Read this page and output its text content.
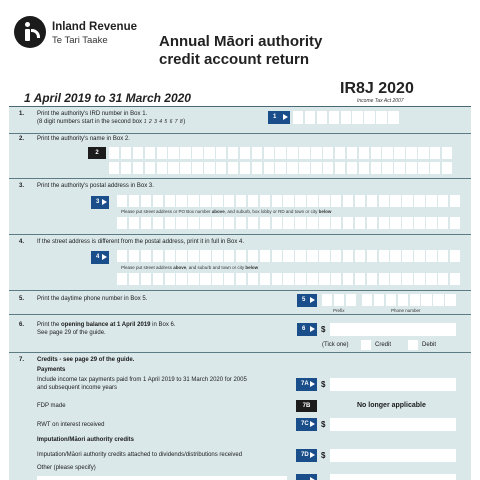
Inland Revenue
Te Tari Taake	Annual Māori authority
credit account return
1 April 2019 to 31 March 2020
IR8J 2020
Income Tax Act 2007
1. Print the authority's IRD number in Box 1.
(8 digit numbers start in the second box 1 2 3 4 5 6 7 8)
1
2. Print the authority's name in Box 2.
2
3. Print the authority's postal address in Box 3.
3
Please put street address or PO Box number above, and suburb, box lobby or RD and town or city below
4. If the street address is different from the postal address, print it in full in Box 4.
4
Please put street address above, and suburb and town or city below
5. Print the daytime phone number in Box 5.	5
Prefix	Phone number
6. Print the opening balance at 1 April 2019 in Box 6.
See page 29 of the guide.
6	$
(Tick one)	Credit	Debit
7. Credits - see page 29 of the guide.
Payments
Include income tax payments paid from 1 April 2019 to 31 March 2020 for 2005
and subsequent income years
7A	$
FDP made	7B	No longer applicable
RWT on interest received	7C	$
Imputation/Māori authority credits
Imputation/Māori authority credits attached to dividends/distributions received	7D	$
Other (please specify)
